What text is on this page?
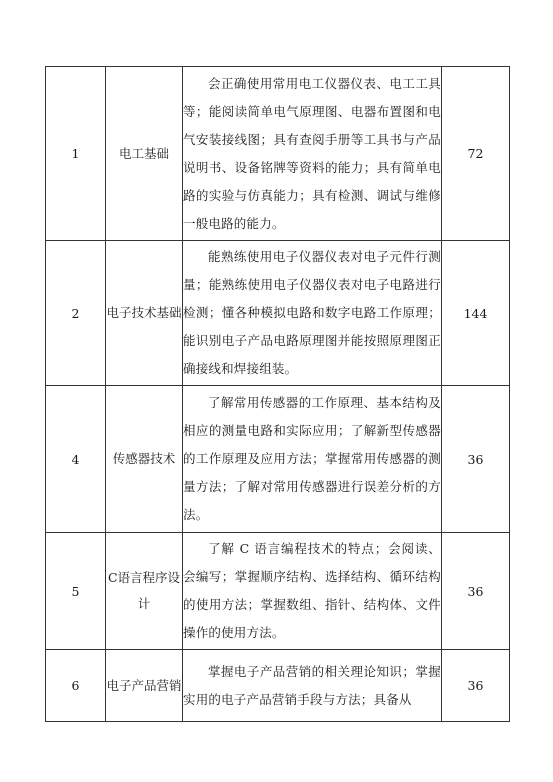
1	电工基础	会正确使用常用电工仪器仪表、电工工具等；能阅读简单电气原理图、电器布置图和电气安装接线图；具有查阅手册等工具书与产品说明书、设备铭牌等资料的能力；具有简单电路的实验与仿真能力；具有检测、调试与维修一般电路的能力。	72
2	电子技术基础	能熟练使用电子仪器仪表对电子元件行测量；能熟练使用电子仪器仪表对电子电路进行检测；懂各种模拟电路和数字电路工作原理；能识别电子产品电路原理图并能按照原理图正确接线和焊接组装。	144
4	传感器技术	了解常用传感器的工作原理、基本结构及相应的测量电路和实际应用；了解新型传感器的工作原理及应用方法；掌握常用传感器的测量方法；了解对常用传感器进行误差分析的方法。	36
5	C语言程序设计	了解 C 语言编程技术的特点；会阅读、会编写；掌握顺序结构、选择结构、循环结构的使用方法；掌握数组、指针、结构体、文件操作的使用方法。	36
6	电子产品营销	掌握电子产品营销的相关理论知识；掌握实用的电子产品营销手段与方法；具备从	36
